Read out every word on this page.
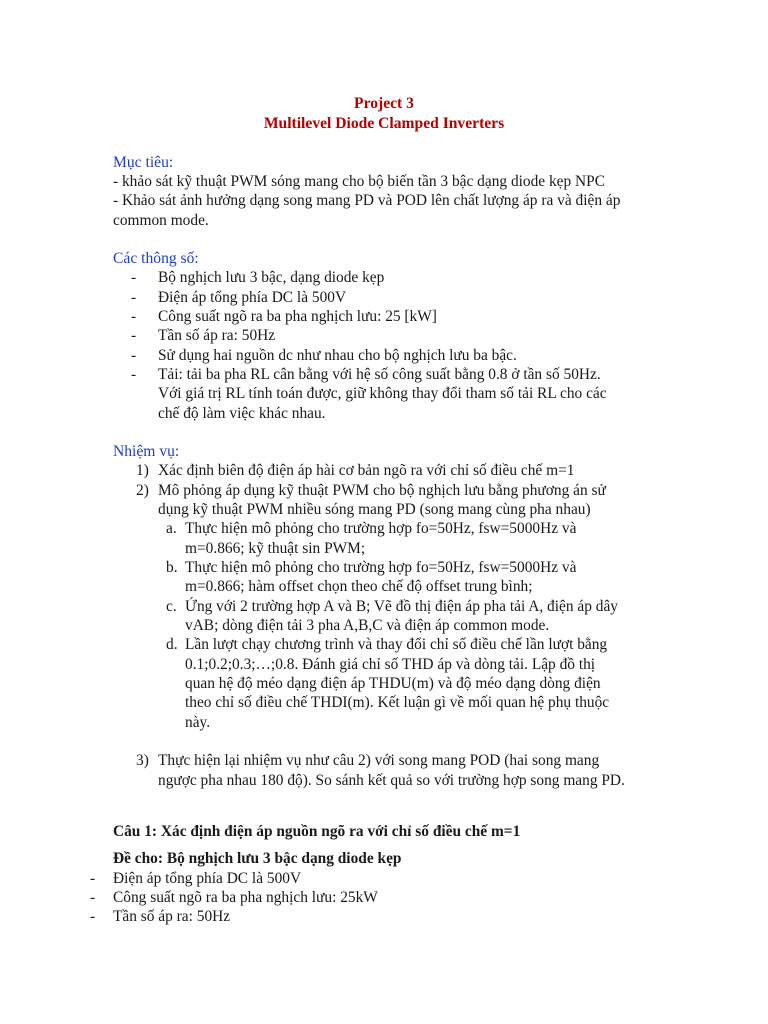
Project 3
Multilevel Diode Clamped Inverters
Mục tiêu:
- khảo sát kỹ thuật PWM sóng mang cho bộ biến tần 3 bậc dạng diode kẹp NPC
- Khảo sát ảnh hưởng dạng song mang PD và POD lên chất lượng áp ra và điện áp
common mode.
Các thông số:
- Bộ nghịch lưu 3 bậc, dạng diode kẹp
- Điện áp tổng phía DC là 500V
- Công suất ngõ ra ba pha nghịch lưu: 25 [kW]
- Tần số áp ra: 50Hz
- Sử dụng hai nguồn dc như nhau cho bộ nghịch lưu ba bậc.
- Tải: tải ba pha RL cân bằng với hệ số công suất bằng 0.8 ở tần số 50Hz.
Với giá trị RL tính toán được, giữ không thay đổi tham số tải RL cho các
chế độ làm việc khác nhau.
Nhiệm vụ:
1) Xác định biên độ điện áp hài cơ bản ngõ ra với chỉ số điều chế m=1
2) Mô phỏng áp dụng kỹ thuật PWM cho bộ nghịch lưu bằng phương án sử
dụng kỹ thuật PWM nhiều sóng mang PD (song mang cùng pha nhau)
a. Thực hiện mô phỏng cho trường hợp fo=50Hz, fsw=5000Hz và
m=0.866; kỹ thuật sin PWM;
b. Thực hiện mô phỏng cho trường hợp fo=50Hz, fsw=5000Hz và
m=0.866; hàm offset chọn theo chế độ offset trung bình;
c. Ứng với 2 trường hợp A và B; Vẽ đồ thị điện áp pha tải A, điện áp dây
vAB; dòng điện tải 3 pha A,B,C và điện áp common mode.
d. Lần lượt chạy chương trình và thay đổi chỉ số điều chế lần lượt bằng
0.1;0.2;0.3;…;0.8. Đánh giá chỉ số THD áp và dòng tải. Lập đồ thị
quan hệ độ méo dạng điện áp THDU(m) và độ méo dạng dòng điện
theo chỉ số điều chế THDI(m). Kết luận gì về mối quan hệ phụ thuộc
này.
3) Thực hiện lại nhiệm vụ như câu 2) với song mang POD (hai song mang
ngược pha nhau 180 độ). So sánh kết quả so với trường hợp song mang PD.
Câu 1: Xác định điện áp nguồn ngõ ra với chỉ số điều chế m=1
Đề cho: Bộ nghịch lưu 3 bậc dạng diode kẹp
- Điện áp tổng phía DC là 500V
- Công suất ngõ ra ba pha nghịch lưu: 25kW
- Tần số áp ra: 50Hz
